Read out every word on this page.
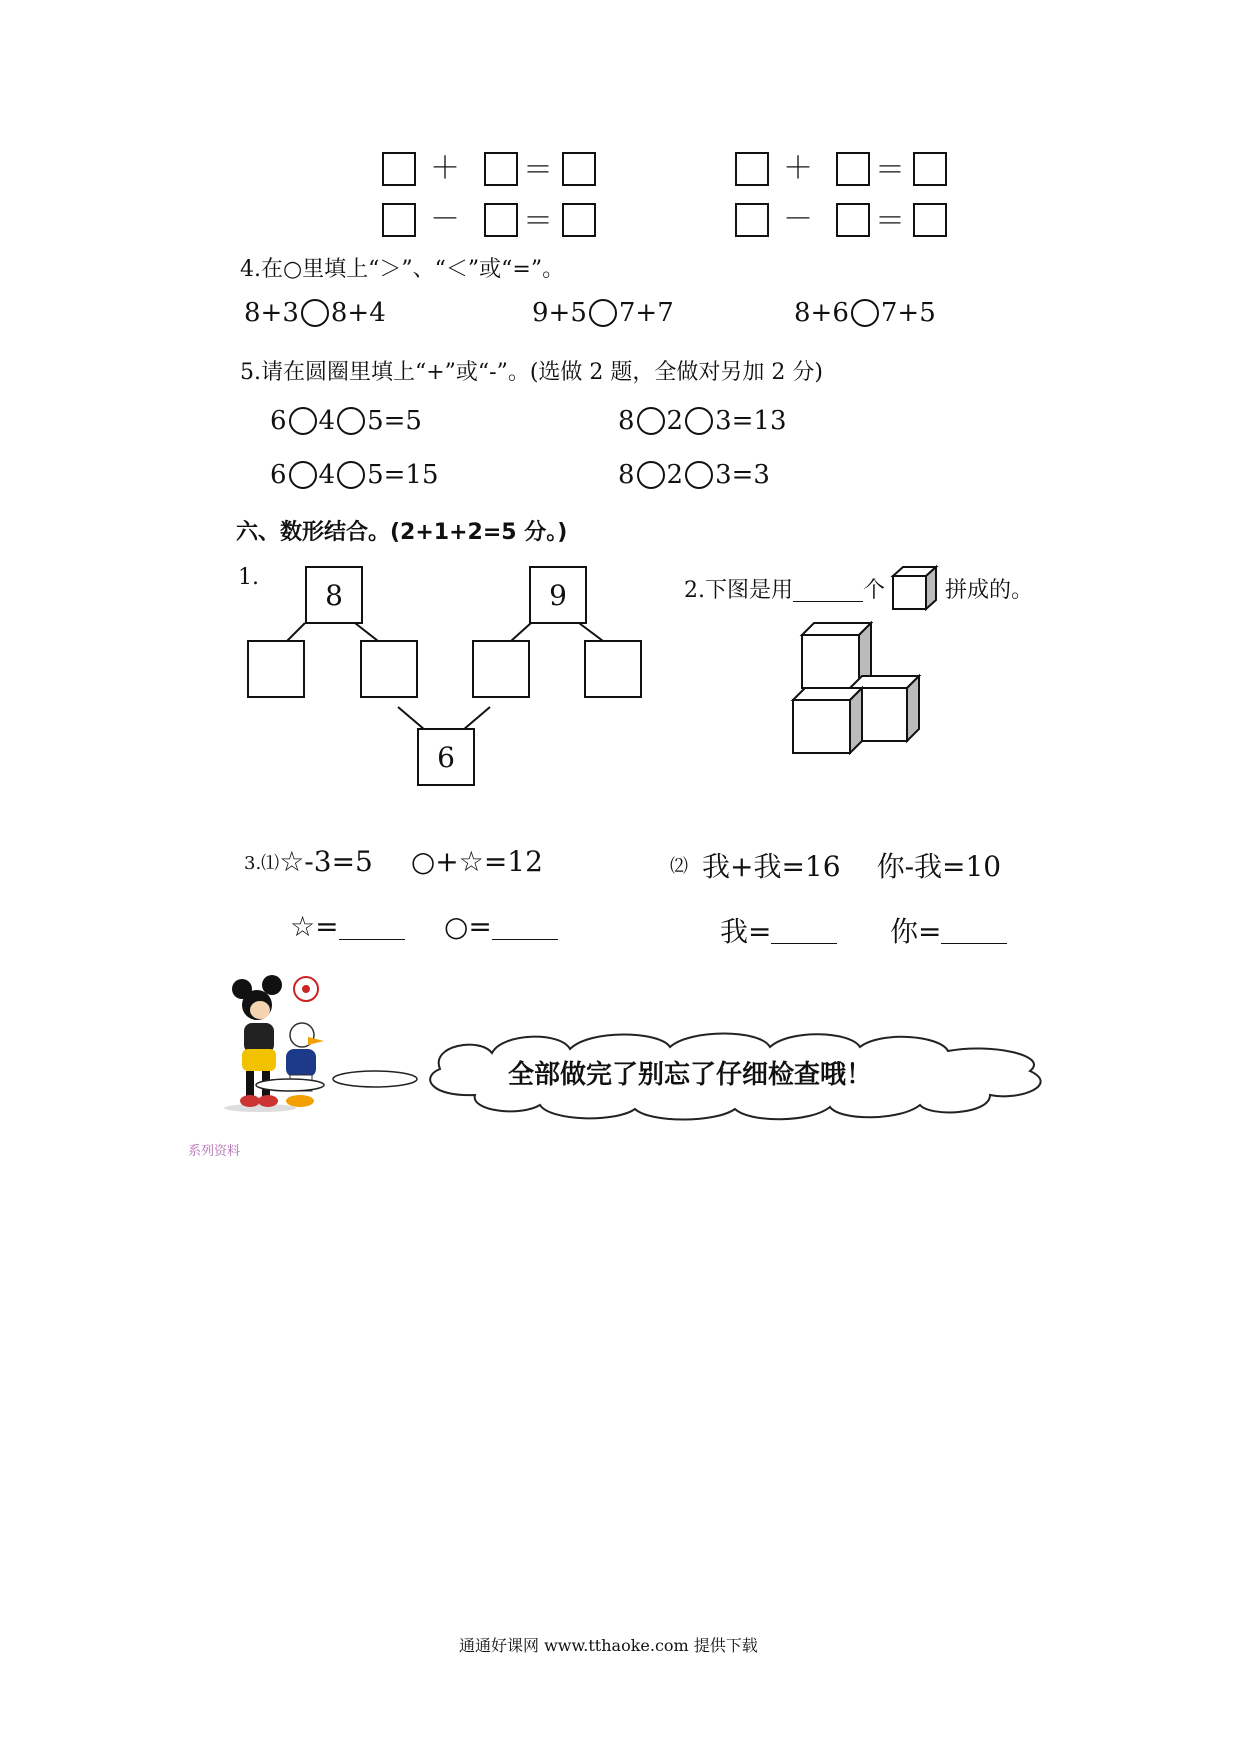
＋ ＝
－ ＝
＋ ＝
－ ＝
4.在○里填上“＞”、“＜”或“=”。
8+3 8+4	9+5 7+7	8+6 7+5
5.请在圆圈里填上“+”或“-”。(选做 2 题，全做对另加 2 分)
6 4 5=5	8 2 3=13
6 4 5=15	8 2 3=3
六、数形结合。(2+1+2=5 分。)
1.
8	9
6
2.下图是用	个	拼成的。
3.⑴ ☆-3=5 ○+☆=12	⑵ 我+我=16 你-我=10
☆=	○=	我=	你=
全部做完了别忘了仔细检查哦！
系列资料
通通好课网 www.tthaoke.com 提供下载
